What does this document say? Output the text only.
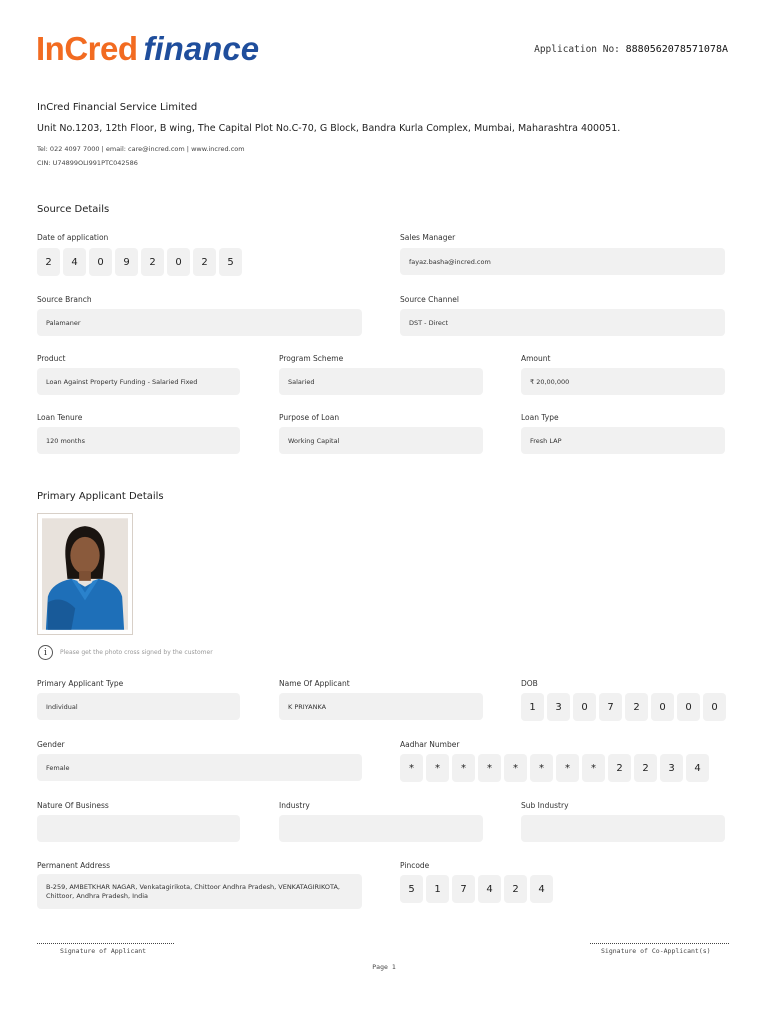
InCred finance	Application No: 8880562078571078A
InCred Financial Service Limited
Unit No.1203, 12th Floor, B wing, The Capital Plot No.C-70, G Block, Bandra Kurla Complex, Mumbai, Maharashtra 400051.
Tel: 022 4097 7000 | email: care@incred.com | www.incred.com
CIN: U74899OLI991PTC042586
Source Details
Date of application
2	4	0	9	2	0	2	5
Sales Manager
fayaz.basha@incred.com
Source Branch
Palamaner
Source Channel
DST - Direct
Product
Loan Against Property Funding - Salaried Fixed
Program Scheme
Salaried
Amount
₹ 20,00,000
Loan Tenure
120 months
Purpose of Loan
Working Capital
Loan Type
Fresh LAP
Primary Applicant Details
i	Please get the photo cross signed by the customer
Primary Applicant Type
Individual
Name Of Applicant
K PRIYANKA
DOB
1	3	0	7	2	0	0	0
Gender
Female
Aadhar Number
*	*	*	*	*	*	*	*	2	2	3	4
Nature Of Business	Industry	Sub Industry
Permanent Address
B-259, AMBETKHAR NAGAR, Venkatagirikota, Chittoor Andhra Pradesh, VENKATAGIRIKOTA, Chittoor, Andhra Pradesh, India
Pincode
5	1	7	4	2	4
Signature of Applicant	Signature of Co-Applicant(s)
Page 1
